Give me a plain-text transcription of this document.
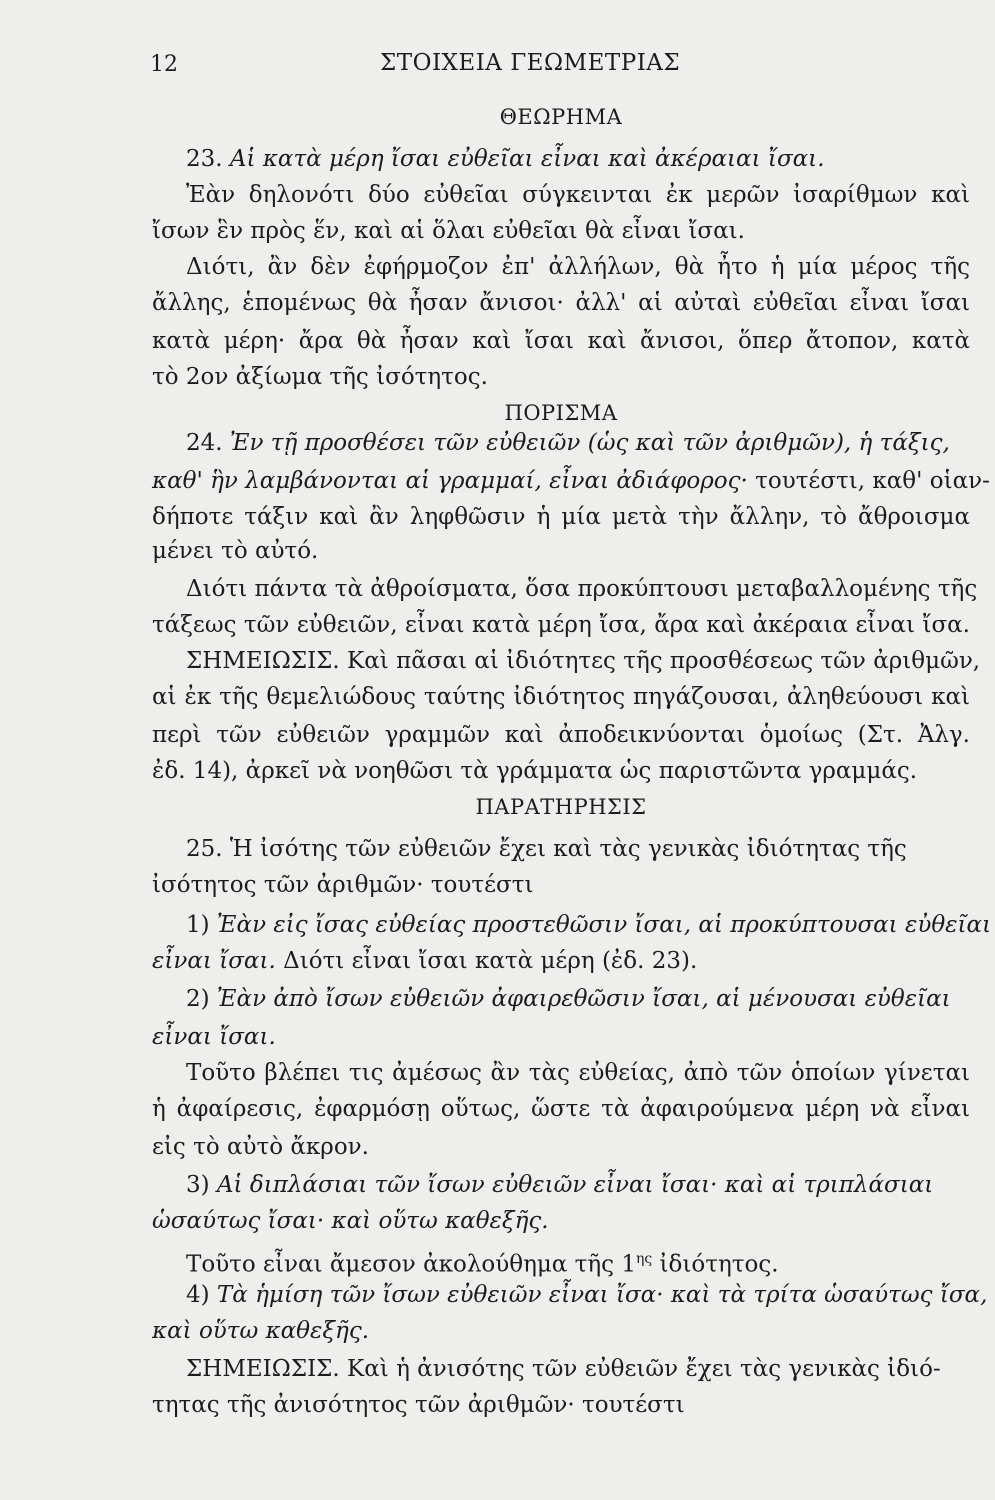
12	ΣΤΟΙΧΕΙΑ ΓΕΩΜΕΤΡΙΑΣ
ΘΕΩΡΗΜΑ
23. Αἱ κατὰ μέρη ἴσαι εὐθεῖαι εἶναι καὶ ἀκέραιαι ἴσαι.
Ἐὰν δηλονότι δύο εὐθεῖαι σύγκεινται ἐκ μερῶν ἰσαρίθμων καὶ
ἴσων ἓν πρὸς ἕν, καὶ αἱ ὅλαι εὐθεῖαι θὰ εἶναι ἴσαι.
Διότι, ἂν δὲν ἐφήρμοζον ἐπ' ἀλλήλων, θὰ ἦτο ἡ μία μέρος τῆς
ἄλλης, ἑπομένως θὰ ἦσαν ἄνισοι· ἀλλ' αἱ αὐταὶ εὐθεῖαι εἶναι ἴσαι
κατὰ μέρη· ἄρα θὰ ἦσαν καὶ ἴσαι καὶ ἄνισοι, ὅπερ ἄτοπον, κατὰ
τὸ 2ον ἀξίωμα τῆς ἰσότητος.
ΠΟΡΙΣΜΑ
24. Ἐν τῇ προσθέσει τῶν εὐθειῶν (ὡς καὶ τῶν ἀριθμῶν), ἡ τάξις,
καθ' ἣν λαμβάνονται αἱ γραμμαί, εἶναι ἀδιάφορος· τουτέστι, καθ' οἱαν-
δήποτε τάξιν καὶ ἂν ληφθῶσιν ἡ μία μετὰ τὴν ἄλλην, τὸ ἄθροισμα
μένει τὸ αὐτό.
Διότι πάντα τὰ ἀθροίσματα, ὅσα προκύπτουσι μεταβαλλομένης τῆς
τάξεως τῶν εὐθειῶν, εἶναι κατὰ μέρη ἴσα, ἄρα καὶ ἀκέραια εἶναι ἴσα.
ΣΗΜΕΙΩΣΙΣ. Καὶ πᾶσαι αἱ ἰδιότητες τῆς προσθέσεως τῶν ἀριθμῶν,
αἱ ἐκ τῆς θεμελιώδους ταύτης ἰδιότητος πηγάζουσαι, ἀληθεύουσι καὶ
περὶ τῶν εὐθειῶν γραμμῶν καὶ ἀποδεικνύονται ὁμοίως (Στ. Ἀλγ.
ἐδ. 14), ἀρκεῖ νὰ νοηθῶσι τὰ γράμματα ὡς παριστῶντα γραμμάς.
ΠΑΡΑΤΗΡΗΣΙΣ
25. Ἡ ἰσότης τῶν εὐθειῶν ἔχει καὶ τὰς γενικὰς ἰδιότητας τῆς
ἰσότητος τῶν ἀριθμῶν· τουτέστι
1) Ἐὰν εἰς ἴσας εὐθείας προστεθῶσιν ἴσαι, αἱ προκύπτουσαι εὐθεῖαι
εἶναι ἴσαι. Διότι εἶναι ἴσαι κατὰ μέρη (ἐδ. 23).
2) Ἐὰν ἀπὸ ἴσων εὐθειῶν ἀφαιρεθῶσιν ἴσαι, αἱ μένουσαι εὐθεῖαι
εἶναι ἴσαι.
Τοῦτο βλέπει τις ἀμέσως ἂν τὰς εὐθείας, ἀπὸ τῶν ὁποίων γίνεται
ἡ ἀφαίρεσις, ἐφαρμόσῃ οὕτως, ὥστε τὰ ἀφαιρούμενα μέρη νὰ εἶναι
εἰς τὸ αὐτὸ ἄκρον.
3) Αἱ διπλάσιαι τῶν ἴσων εὐθειῶν εἶναι ἴσαι· καὶ αἱ τριπλάσιαι
ὡσαύτως ἴσαι· καὶ οὕτω καθεξῆς.
Τοῦτο εἶναι ἄμεσον ἀκολούθημα τῆς $1^{\eta\varsigma}$ ἰδιότητος.
4) Τὰ ἡμίση τῶν ἴσων εὐθειῶν εἶναι ἴσα· καὶ τὰ τρίτα ὡσαύτως ἴσα,
καὶ οὕτω καθεξῆς.
ΣΗΜΕΙΩΣΙΣ. Καὶ ἡ ἀνισότης τῶν εὐθειῶν ἔχει τὰς γενικὰς ἰδιό-
τητας τῆς ἀνισότητος τῶν ἀριθμῶν· τουτέστι
